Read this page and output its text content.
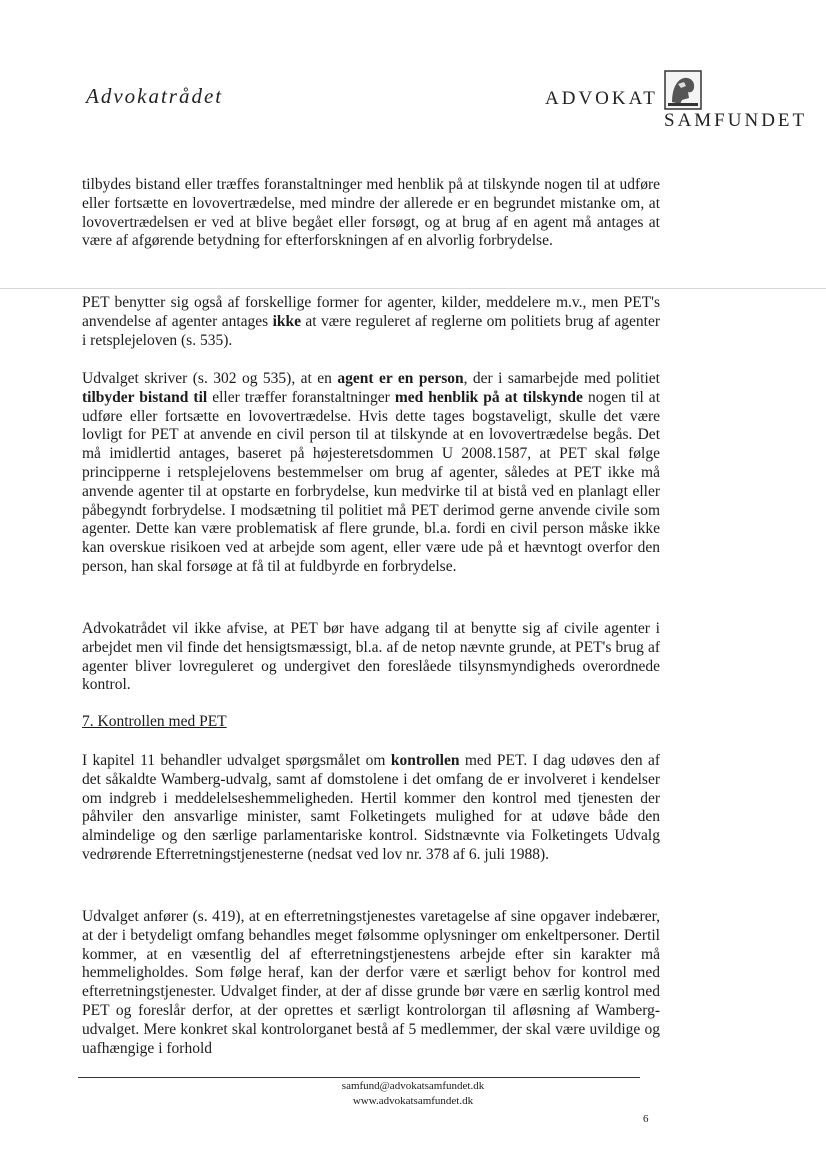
Advokatrådet	ADVOKAT
SAMFUNDET
tilbydes bistand eller træffes foranstaltninger med henblik på at tilskynde nogen til at udføre eller fortsætte en lovovertrædelse, med mindre der allerede er en begrundet mistanke om, at lovovertrædelsen er ved at blive begået eller forsøgt, og at brug af en agent må antages at være af afgørende betydning for efterforskningen af en alvorlig forbrydelse.
PET benytter sig også af forskellige former for agenter, kilder, meddelere m.v., men PET's anvendelse af agenter antages ikke at være reguleret af reglerne om politiets brug af agenter i retsplejeloven (s. 535).
Udvalget skriver (s. 302 og 535), at en agent er en person, der i samarbejde med politiet tilbyder bistand til eller træffer foranstaltninger med henblik på at tilskynde nogen til at udføre eller fortsætte en lovovertrædelse. Hvis dette tages bogstaveligt, skulle det være lovligt for PET at anvende en civil person til at tilskynde at en lovovertrædelse begås. Det må imidlertid antages, baseret på højesteretsdommen U 2008.1587, at PET skal følge principperne i retsplejelovens bestemmelser om brug af agenter, således at PET ikke må anvende agenter til at opstarte en forbrydelse, kun medvirke til at bistå ved en planlagt eller påbegyndt forbrydelse. I modsætning til politiet må PET derimod gerne anvende civile som agenter. Dette kan være problematisk af flere grunde, bl.a. fordi en civil person måske ikke kan overskue risikoen ved at arbejde som agent, eller være ude på et hævntogt overfor den person, han skal forsøge at få til at fuldbyrde en forbrydelse.
Advokatrådet vil ikke afvise, at PET bør have adgang til at benytte sig af civile agenter i arbejdet men vil finde det hensigtsmæssigt, bl.a. af de netop nævnte grunde, at PET's brug af agenter bliver lovreguleret og undergivet den foreslåede tilsynsmyndigheds overordnede kontrol.
7. Kontrollen med PET
I kapitel 11 behandler udvalget spørgsmålet om kontrollen med PET. I dag udøves den af det såkaldte Wamberg-udvalg, samt af domstolene i det omfang de er involveret i kendelser om indgreb i meddelelseshemmeligheden. Hertil kommer den kontrol med tjenesten der påhviler den ansvarlige minister, samt Folketingets mulighed for at udøve både den almindelige og den særlige parlamentariske kontrol. Sidstnævnte via Folketingets Udvalg vedrørende Efterretningstjenesterne (nedsat ved lov nr. 378 af 6. juli 1988).
Udvalget anfører (s. 419), at en efterretningstjenestes varetagelse af sine opgaver indebærer, at der i betydeligt omfang behandles meget følsomme oplysninger om enkeltpersoner. Dertil kommer, at en væsentlig del af efterretningstjenestens arbejde efter sin karakter må hemmeligholdes. Som følge heraf, kan der derfor være et særligt behov for kontrol med efterretningstjenester. Udvalget finder, at der af disse grunde bør være en særlig kontrol med PET og foreslår derfor, at der oprettes et særligt kontrolorgan til afløsning af Wamberg- udvalget. Mere konkret skal kontrolorganet bestå af 5 medlemmer, der skal være uvildige og uafhængige i forhold
samfund@advokatsamfundet.dk
www.advokatsamfundet.dk
6
